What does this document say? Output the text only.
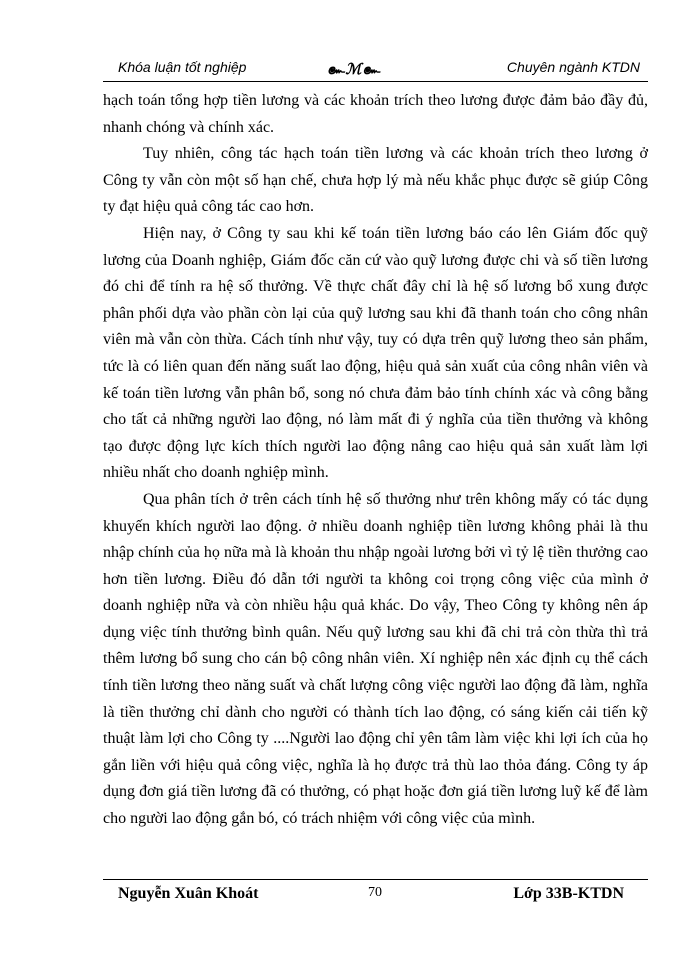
Khóa luận tốt nghiệp	๛ℳ๛	Chuyên ngành KTDN

hạch toán tổng hợp tiền lương và các khoản trích theo lương được đảm bảo đầy đủ, nhanh chóng và chính xác.

Tuy nhiên, công tác hạch toán tiền lương và các khoản trích theo lương ở Công ty vẫn còn một số hạn chế, chưa hợp lý mà nếu khắc phục được sẽ giúp Công ty đạt hiệu quả công tác cao hơn.

Hiện nay, ở Công ty sau khi kế toán tiền lương báo cáo lên Giám đốc quỹ lương của Doanh nghiệp, Giám đốc căn cứ vào quỹ lương được chi và số tiền lương đó chi để tính ra hệ số thưởng. Về thực chất đây chỉ là hệ số lương bổ xung được phân phối dựa vào phần còn lại của quỹ lương sau khi đã thanh toán cho công nhân viên mà vẫn còn thừa. Cách tính như vậy, tuy có dựa trên quỹ lương theo sản phẩm, tức là có liên quan đến năng suất lao động, hiệu quả sản xuất của công nhân viên và kế toán tiền lương vẫn phân bổ, song nó chưa đảm bảo tính chính xác và công bằng cho tất cả những người lao động, nó làm mất đi ý nghĩa của tiền thưởng và không tạo được động lực kích thích người lao động nâng cao hiệu quả sản xuất làm lợi nhiều nhất cho doanh nghiệp mình.

Qua phân tích ở trên cách tính hệ số thưởng như trên không mấy có tác dụng khuyến khích người lao động. ở nhiều doanh nghiệp tiền lương không phải là thu nhập chính của họ nữa mà là khoản thu nhập ngoài lương bởi vì tỷ lệ tiền thưởng cao hơn tiền lương. Điều đó dẫn tới người ta không coi trọng công việc của mình ở doanh nghiệp nữa và còn nhiều hậu quả khác. Do vậy, Theo Công ty không nên áp dụng việc tính thưởng bình quân. Nếu quỹ lương sau khi đã chi trả còn thừa thì trả thêm lương bổ sung cho cán bộ công nhân viên. Xí nghiệp nên xác định cụ thể cách tính tiền lương theo năng suất và chất lượng công việc người lao động đã làm, nghĩa là tiền thưởng chỉ dành cho người có thành tích lao động, có sáng kiến cải tiến kỹ thuật làm lợi cho Công ty ....Người lao động chỉ yên tâm làm việc khi lợi ích của họ gắn liền với hiệu quả công việc, nghĩa là họ được trả thù lao thỏa đáng. Công ty áp dụng đơn giá tiền lương đã có thưởng, có phạt hoặc đơn giá tiền lương luỹ kế để làm cho người lao động gắn bó, có trách nhiệm với công việc của mình.

Nguyễn Xuân Khoát	70	Lớp 33B-KTDN
